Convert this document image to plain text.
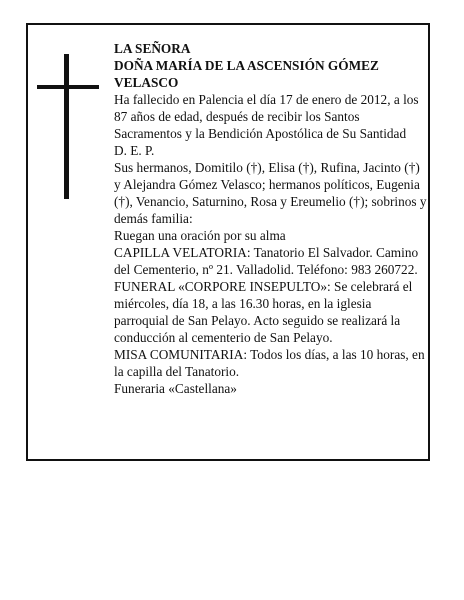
LA SEÑORA

DOÑA MARÍA DE LA ASCENSIÓN GÓMEZ VELASCO

Ha fallecido en Palencia el día 17 de enero de 2012, a los 87 años de edad, después de recibir los Santos Sacramentos y la Bendición Apostólica de Su Santidad

D. E. P.

Sus hermanos, Domitilo (†), Elisa (†), Rufina, Jacinto (†) y Alejandra Gómez Velasco; hermanos políticos, Eugenia (†), Venancio, Saturnino, Rosa y Ereumelio (†); sobrinos y demás familia:

Ruegan una oración por su alma

CAPILLA VELATORIA: Tanatorio El Salvador. Camino del Cementerio, nº 21. Valladolid. Teléfono: 983 260722.

FUNERAL «CORPORE INSEPULTO»: Se celebrará el miércoles, día 18, a las 16.30 horas, en la iglesia parroquial de San Pelayo. Acto seguido se realizará la conducción al cementerio de San Pelayo.

MISA COMUNITARIA: Todos los días, a las 10 horas, en la capilla del Tanatorio.

Funeraria «Castellana»
